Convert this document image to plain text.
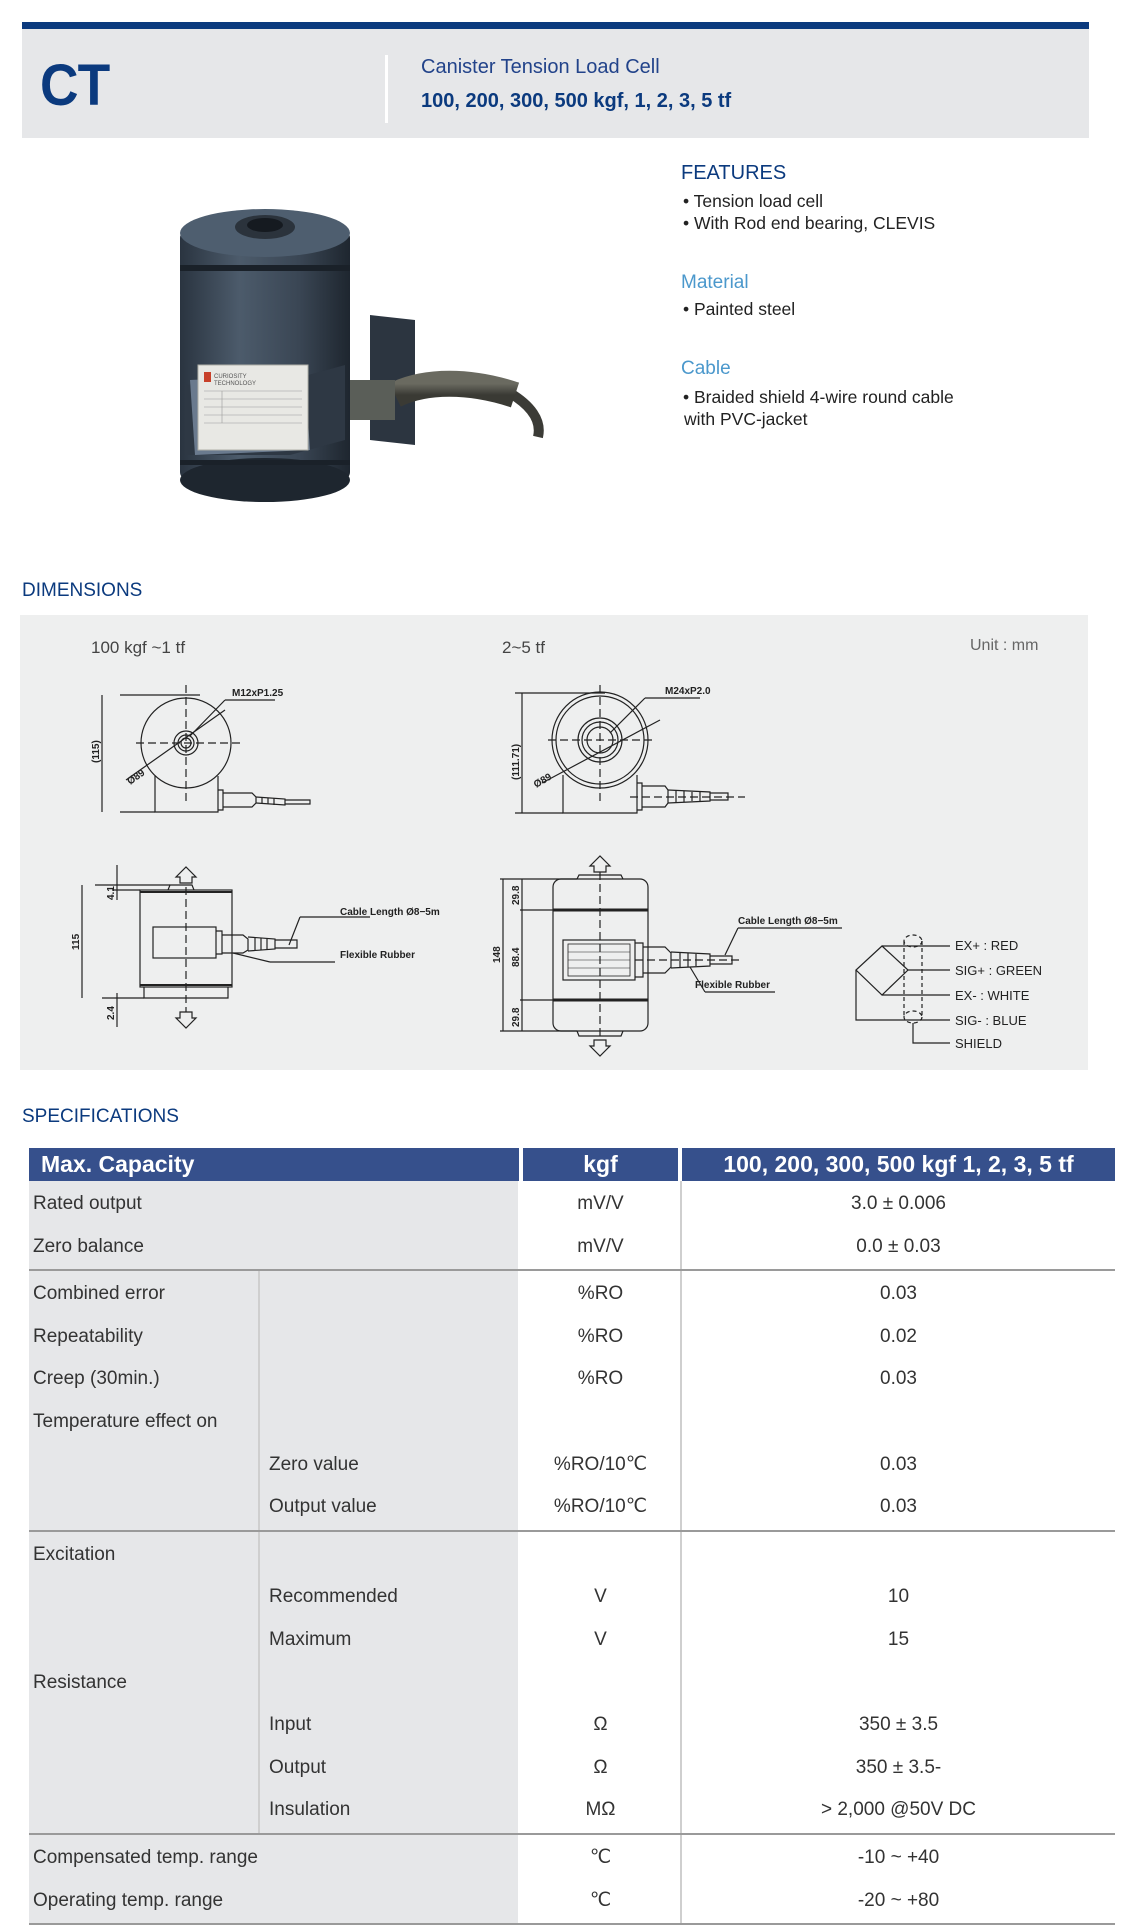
CT	Canister Tension Load Cell
100, 200, 300, 500 kgf, 1, 2, 3, 5 tf
CURIOSITY
TECHNOLOGY
FEATURES
• Tension load cell
• With Rod end bearing, CLEVIS
Material
• Painted steel
Cable
• Braided shield 4-wire round cable
with PVC-jacket
DIMENSIONS
100 kgf ~1 tf	2~5 tf	Unit : mm
M12xP1.25
(115)
Ø89
M24xP2.0
(111.71)
Ø89
4.1
115
2.4
148
29.8
88.4
29.8
Flexible Rubber
Cable Length Ø8−5m
Flexible Rubber
Cable Length Ø8−5m
EX+ : RED
SIG+ : GREEN
EX- : WHITE
SIG- : BLUE
SHIELD
SPECIFICATIONS
Max. Capacity	kgf	100, 200, 300, 500 kgf 1, 2, 3, 5 tf
Rated output	mV/V	3.0 ± 0.006
Zero balance	mV/V	0.0 ± 0.03
Combined error	%RO	0.03
Repeatability	%RO	0.02
Creep (30min.)	%RO	0.03
Temperature effect on
Zero value	%RO/10℃	0.03
Output value	%RO/10℃	0.03
Excitation
Recommended	V	10
Maximum	V	15
Resistance
Input	Ω	350 ± 3.5
Output	Ω	350 ± 3.5-
Insulation	MΩ	> 2,000 @50V DC
Compensated temp. range	℃	-10 ~ +40
Operating temp. range	℃	-20 ~ +80
